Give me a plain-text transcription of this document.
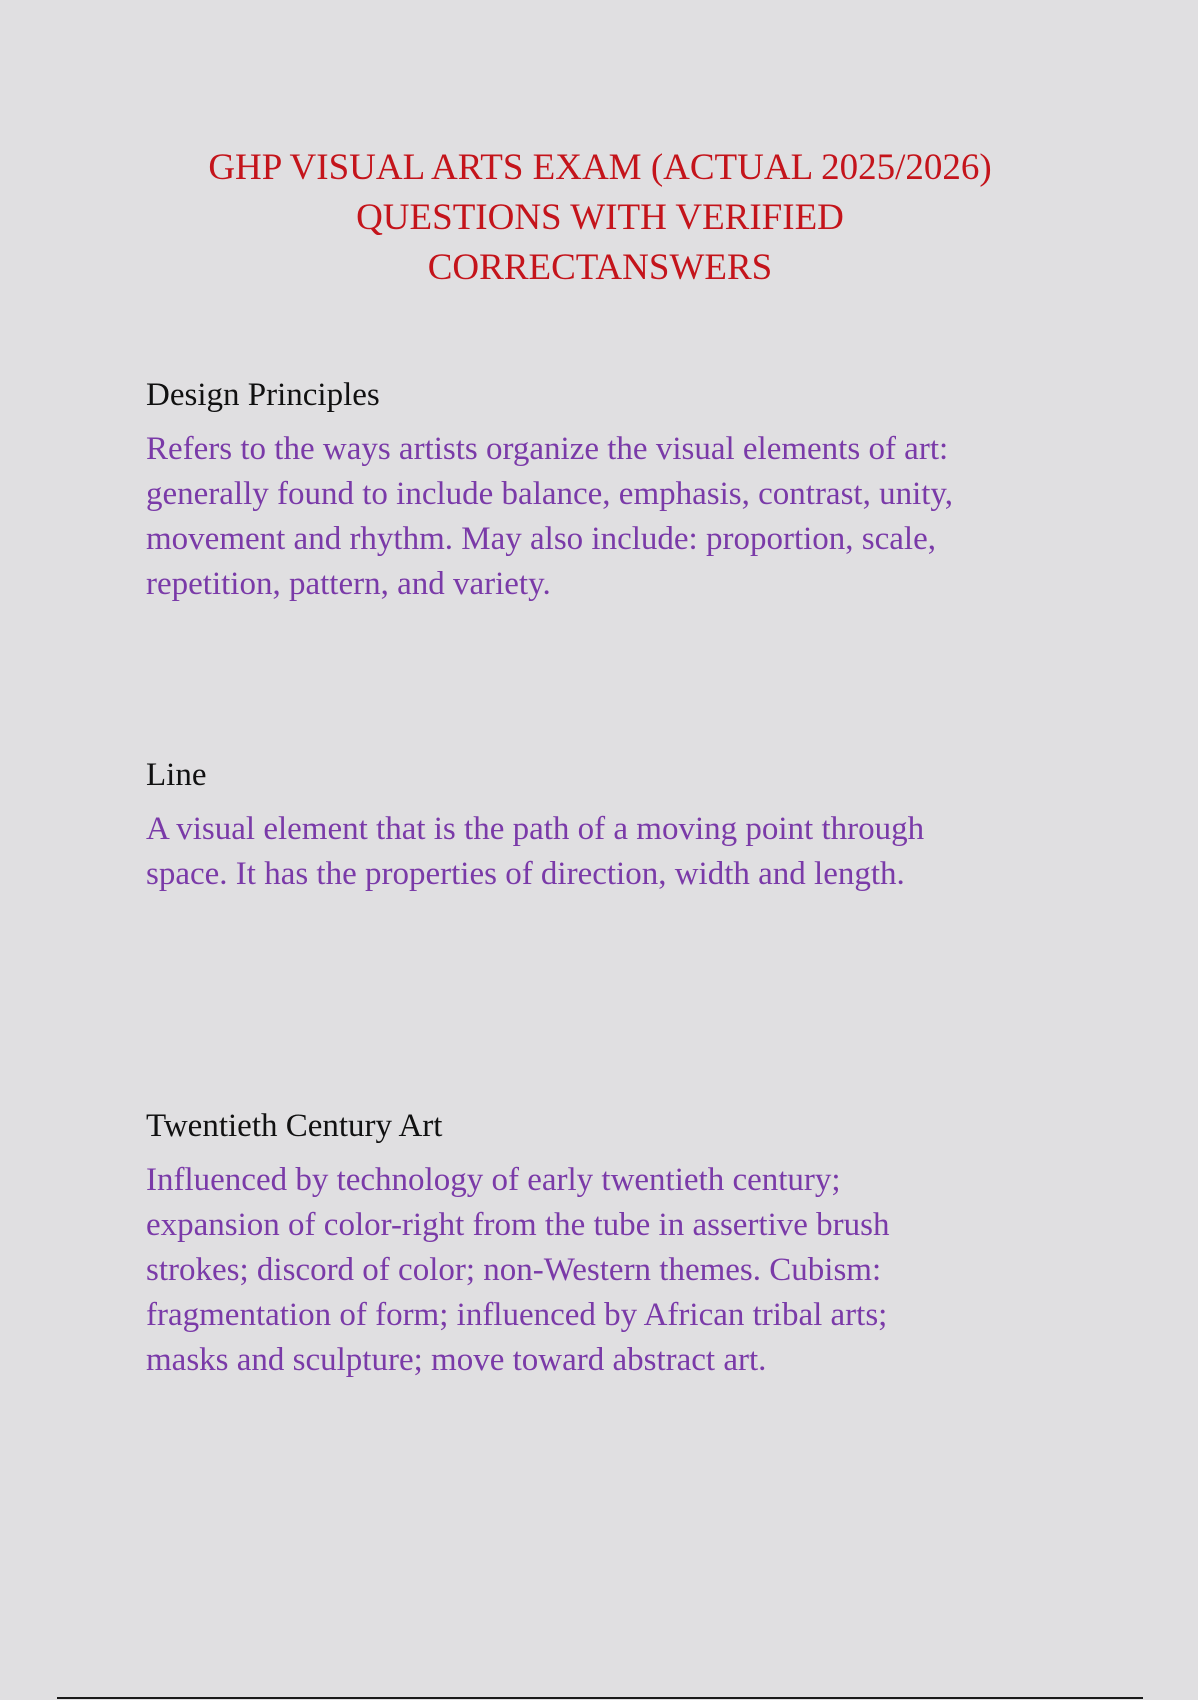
GHP VISUAL ARTS EXAM (ACTUAL 2025/2026)
QUESTIONS WITH VERIFIED
CORRECTANSWERS
Design Principles

Refers to the ways artists organize the visual elements of art:
generally found to include balance, emphasis, contrast, unity,
movement and rhythm. May also include: proportion, scale,
repetition, pattern, and variety.

Line

A visual element that is the path of a moving point through
space. It has the properties of direction, width and length.

Twentieth Century Art

Influenced by technology of early twentieth century;
expansion of color-right from the tube in assertive brush
strokes; discord of color; non-Western themes. Cubism:
fragmentation of form; influenced by African tribal arts;
masks and sculpture; move toward abstract art.
